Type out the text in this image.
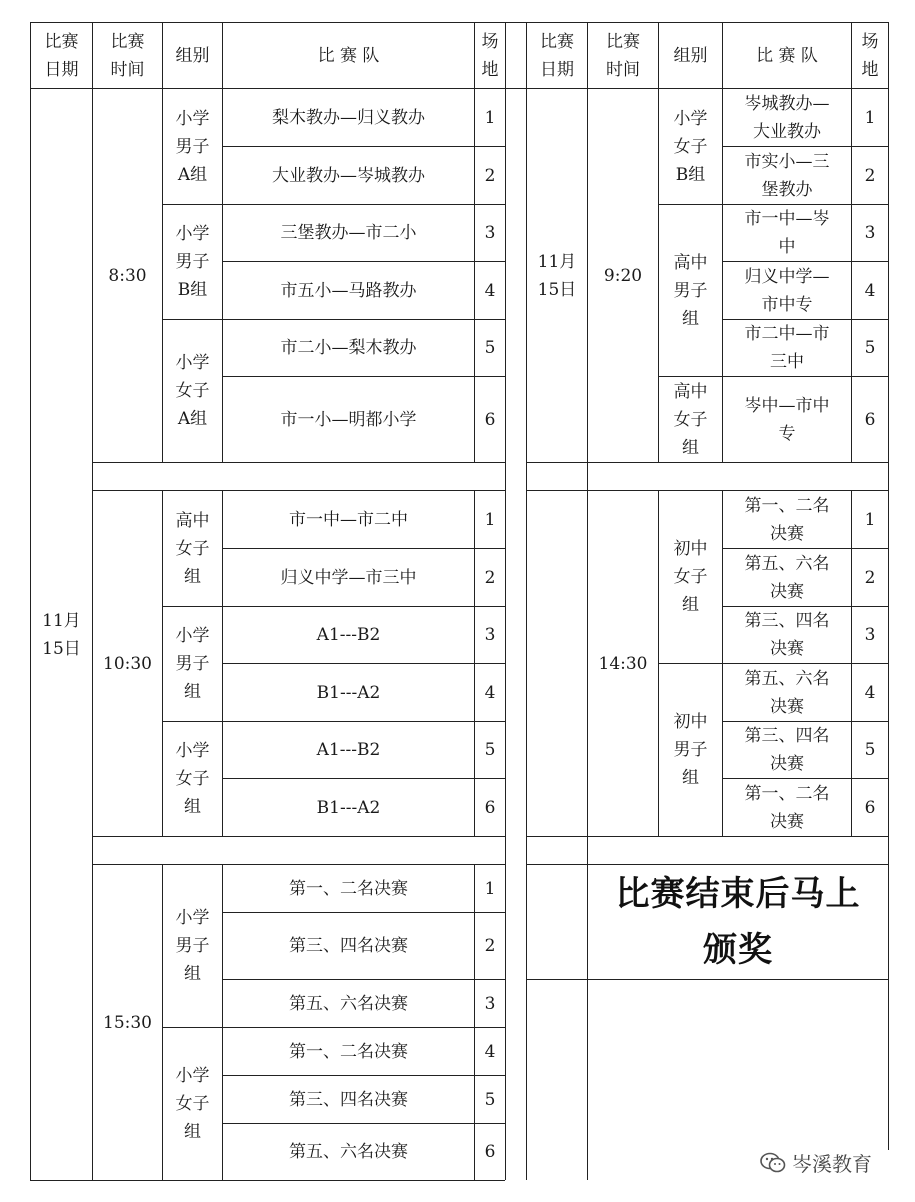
比赛
日期
比赛
时间
组别	比 赛 队
场
地
比赛
日期
比赛
时间
组别	比 赛 队
场
地
11月
15日
8:30
小学
男子
A组
小学
男子
B组
小学
女子
A组
梨木教办—归义教办
大业教办—岑城教办
三堡教办—市二小
市五小—马路教办
市二小—梨木教办
市一小—明都小学
1
2
3
4
5
6
10:30
高中
女子
组
小学
男子
组
小学
女子
组
市一中—市二中
归义中学—市三中
A1---B2
B1---A2
A1---B2
B1---A2
1
2
3
4
5
6
15:30
小学
男子
组
小学
女子
组
第一、二名决赛
第三、四名决赛
第五、六名决赛
第一、二名决赛
第三、四名决赛
第五、六名决赛
1
2
3
4
5
6
11月
15日
9:20
小学
女子
B组
高中
男子
组
高中
女子
组
岑城教办—
大业教办
市实小—三
堡教办
市一中—岑
中
归义中学—
市中专
市二中—市
三中
岑中—市中
专
1
2
3
4
5
6
14:30
初中
女子
组
初中
男子
组
第一、二名
决赛
第五、六名
决赛
第三、四名
决赛
第五、六名
决赛
第三、四名
决赛
第一、二名
决赛
1
2
3
4
5
6
比赛结束后马上
颁奖
岑溪教育
